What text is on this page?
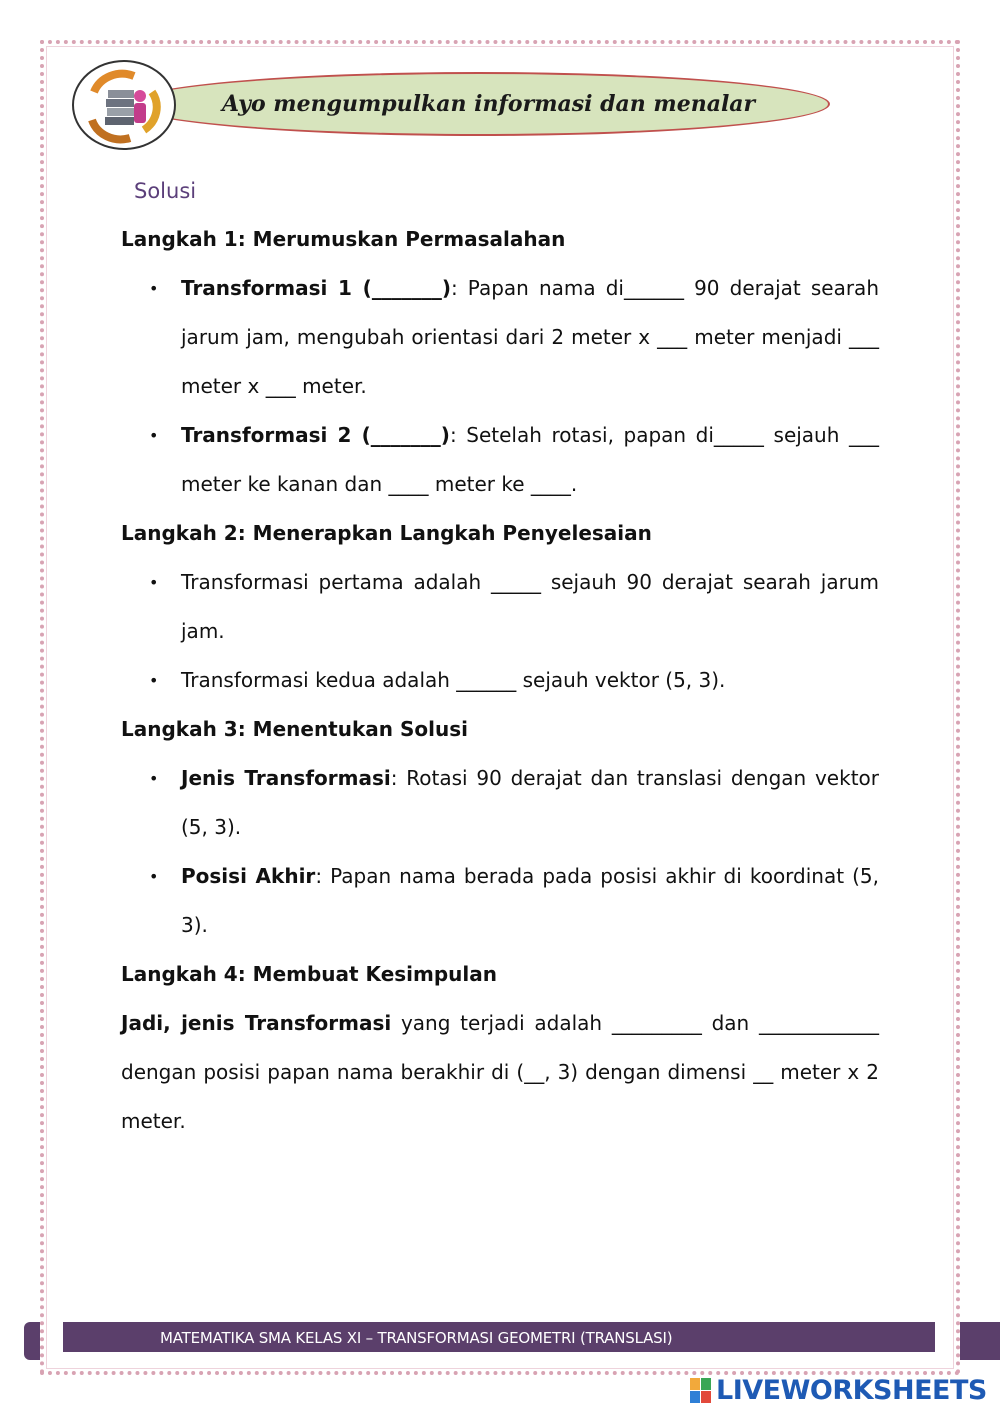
Ayo mengumpulkan informasi dan menalar
Solusi

Langkah 1: Merumuskan Permasalahan

• Transformasi 1 (_______): Papan nama di______ 90 derajat searah jarum jam, mengubah orientasi dari 2 meter x ___ meter menjadi ___ meter x ___ meter.
• Transformasi 2 (_______): Setelah rotasi, papan di_____ sejauh ___ meter ke kanan dan ____ meter ke ____.

Langkah 2: Menerapkan Langkah Penyelesaian

• Transformasi pertama adalah _____ sejauh 90 derajat searah jarum jam.
• Transformasi kedua adalah ______ sejauh vektor (5, 3).

Langkah 3: Menentukan Solusi

• Jenis Transformasi: Rotasi 90 derajat dan translasi dengan vektor (5, 3).
• Posisi Akhir: Papan nama berada pada posisi akhir di koordinat (5, 3).

Langkah 4: Membuat Kesimpulan

Jadi, jenis Transformasi yang terjadi adalah _________ dan ____________ dengan posisi papan nama berakhir di (__, 3) dengan dimensi __ meter x 2 meter.

MATEMATIKA SMA KELAS XI – TRANSFORMASI GEOMETRI (TRANSLASI)
LIVEWORKSHEETS
